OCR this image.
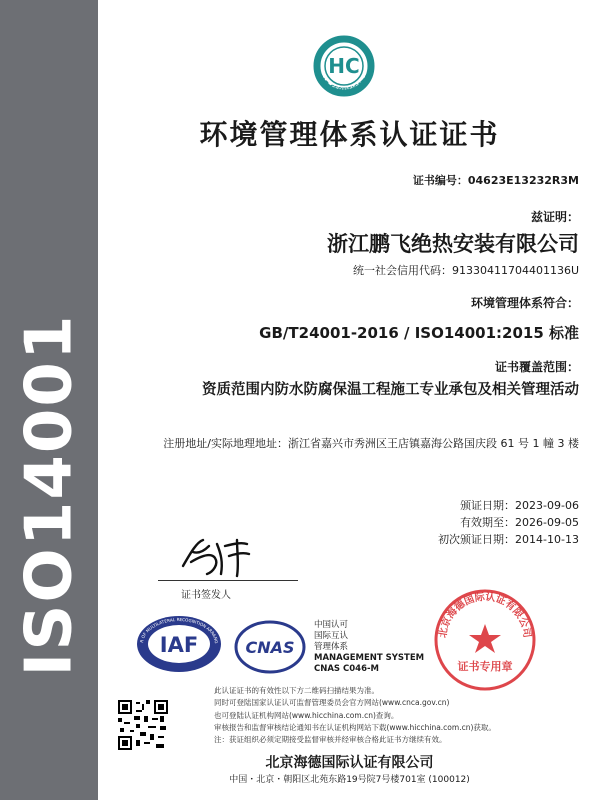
ISO14001
HC
HEAD CERTIFICATION
环境管理体系认证证书
证书编号：04623E13232R3M
兹证明：
浙江鹏飞绝热安装有限公司
统一社会信用代码：91330411704401136U
环境管理体系符合：
GB/T24001-2016 / ISO14001:2015 标准
证书覆盖范围：
资质范围内防水防腐保温工程施工专业承包及相关管理活动
注册地址/实际地理地址：浙江省嘉兴市秀洲区王店镇嘉海公路国庆段 61 号 1 幢 3 楼
颁证日期：2023-09-06
有效期至：2026-09-05
初次颁证日期：2014-10-13
证书签发人
IAF
R OF MULTILATERAL RECOGNITION ARRANG CNAS
中国认可
国际互认
管理体系
MANAGEMENT SYSTEM
CNAS C046-M
北京海德国际认证有限公司
证书专用章
此认证证书的有效性以下方二维码扫描结果为准。
同时可登陆国家认证认可监督管理委员会官方网站(www.cnca.gov.cn)
也可登陆认证机构网站(www.hicchina.com.cn)查询。
审核报告和监督审核结论通知书在认证机构网站下载(www.hicchina.com.cn)获取。
注：获证组织必须定期接受监督审核并经审核合格此证书方继续有效。
北京海德国际认证有限公司
中国・北京・朝阳区北苑东路19号院7号楼701室 (100012)
